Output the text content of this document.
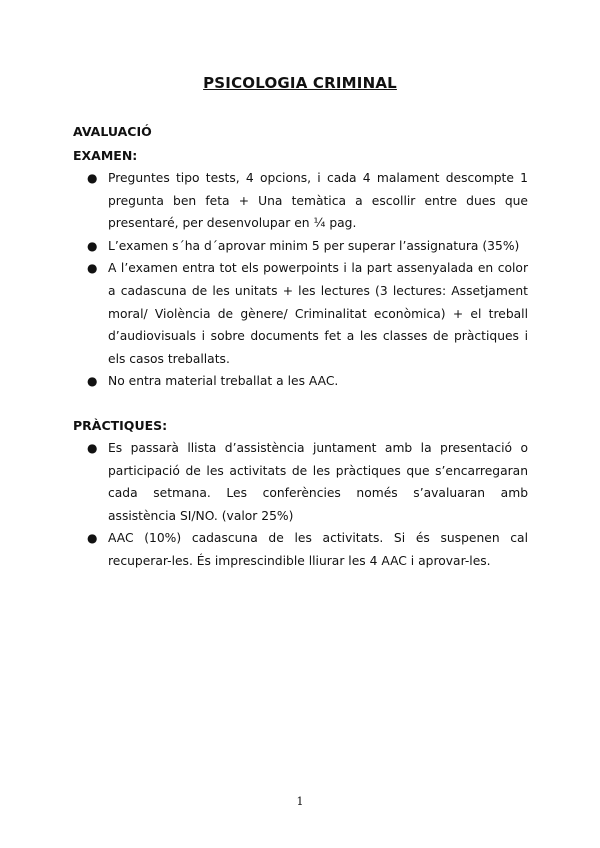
PSICOLOGIA CRIMINAL
AVALUACIÓ
EXAMEN:
● Preguntes tipo tests, 4 opcions, i cada 4 malament descompte 1 pregunta ben feta + Una temàtica a escollir entre dues que presentaré, per desenvolupar en ¼ pag.
● L’examen s´ha d´aprovar minim 5 per superar l’assignatura (35%)
● A l’examen entra tot els powerpoints i la part assenyalada en color a cadascuna de les unitats + les lectures (3 lectures: Assetjament moral/ Violència de gènere/ Criminalitat econòmica) + el treball d’audiovisuals i sobre documents fet a les classes de pràctiques i els casos treballats.
● No entra material treballat a les AAC.
PRÀCTIQUES:
● Es passarà llista d’assistència juntament amb la presentació o participació de les activitats de les pràctiques que s’encarregaran cada setmana. Les conferències només s’avaluaran amb assistència SI/NO. (valor 25%)
● AAC (10%) cadascuna de les activitats. Si és suspenen cal recuperar-les. És imprescindible lliurar les 4 AAC i aprovar-les.
1
